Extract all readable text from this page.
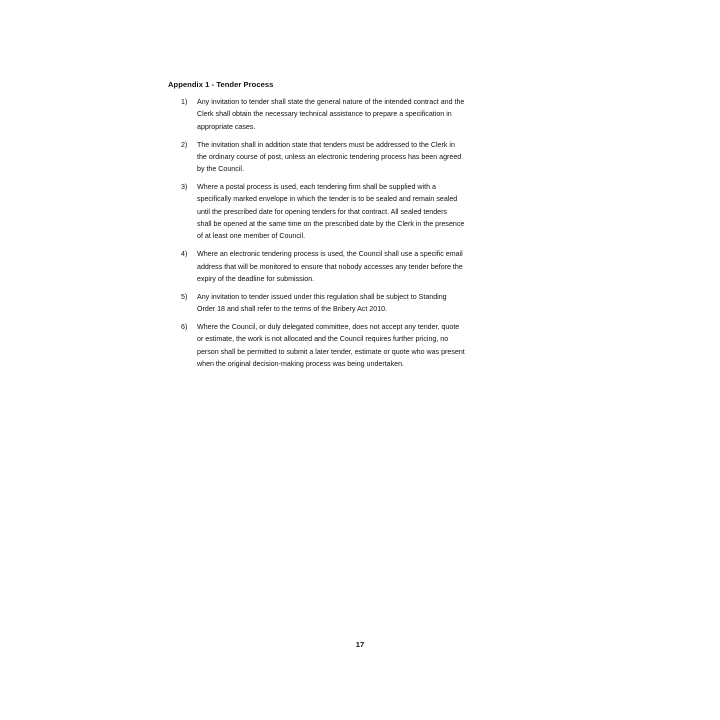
Appendix 1 - Tender Process
1)	Any invitation to tender shall state the general nature of the intended contract and the
Clerk shall obtain the necessary technical assistance to prepare a specification in
appropriate cases.
2)	The invitation shall in addition state that tenders must be addressed to the Clerk in
the ordinary course of post, unless an electronic tendering process has been agreed
by the Council.
3)	Where a postal process is used, each tendering firm shall be supplied with a
specifically marked envelope in which the tender is to be sealed and remain sealed
until the prescribed date for opening tenders for that contract. All sealed tenders
shall be opened at the same time on the prescribed date by the Clerk in the presence
of at least one member of Council.
4)	Where an electronic tendering process is used, the Council shall use a specific email
address that will be monitored to ensure that nobody accesses any tender before the
expiry of the deadline for submission.
5)	Any invitation to tender issued under this regulation shall be subject to Standing
Order 18 and shall refer to the terms of the Bribery Act 2010.
6)	Where the Council, or duly delegated committee, does not accept any tender, quote
or estimate, the work is not allocated and the Council requires further pricing, no
person shall be permitted to submit a later tender, estimate or quote who was present
when the original decision-making process was being undertaken.
17
